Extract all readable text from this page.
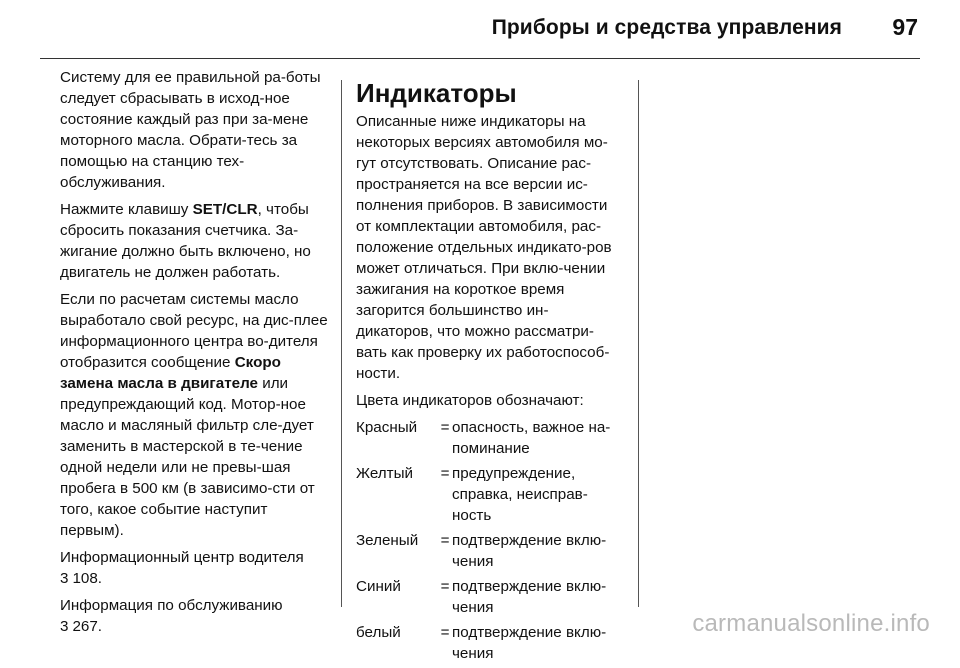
Приборы и средства управления 97

Систему для ее правильной ра-боты следует сбрасывать в исход-ное состояние каждый раз при за-мене моторного масла. Обрати-тесь за помощью на станцию тех-обслуживания.

Нажмите клавишу SET/CLR, чтобы сбросить показания счетчика. За-жигание должно быть включено, но двигатель не должен работать.

Если по расчетам системы масло выработало свой ресурс, на дис-плее информационного центра во-дителя отобразится сообщение Скоро замена масла в двигателе или предупреждающий код. Мотор-ное масло и масляный фильтр сле-дует заменить в мастерской в те-чение одной недели или не превы-шая пробега в 500 км (в зависимо-сти от того, какое событие наступит первым).

Информационный центр водителя
3 108.

Информация по обслуживанию
3 267.

Индикаторы

Описанные ниже индикаторы на некоторых версиях автомобиля мо-гут отсутствовать. Описание рас-пространяется на все версии ис-полнения приборов. В зависимости от комплектации автомобиля, рас-положение отдельных индикато-ров может отличаться. При вклю-чении зажигания на короткое время загорится большинство ин-дикаторов, что можно рассматри-вать как проверку их работоспособ-ности.

Цвета индикаторов обозначают:

Красный	= опасность, важное на-поминание
Желтый	= предупреждение, справка, неисправ-ность
Зеленый	= подтверждение вклю-чения
Синий	= подтверждение вклю-чения
белый	= подтверждение вклю-чения
carmanualsonline.info
